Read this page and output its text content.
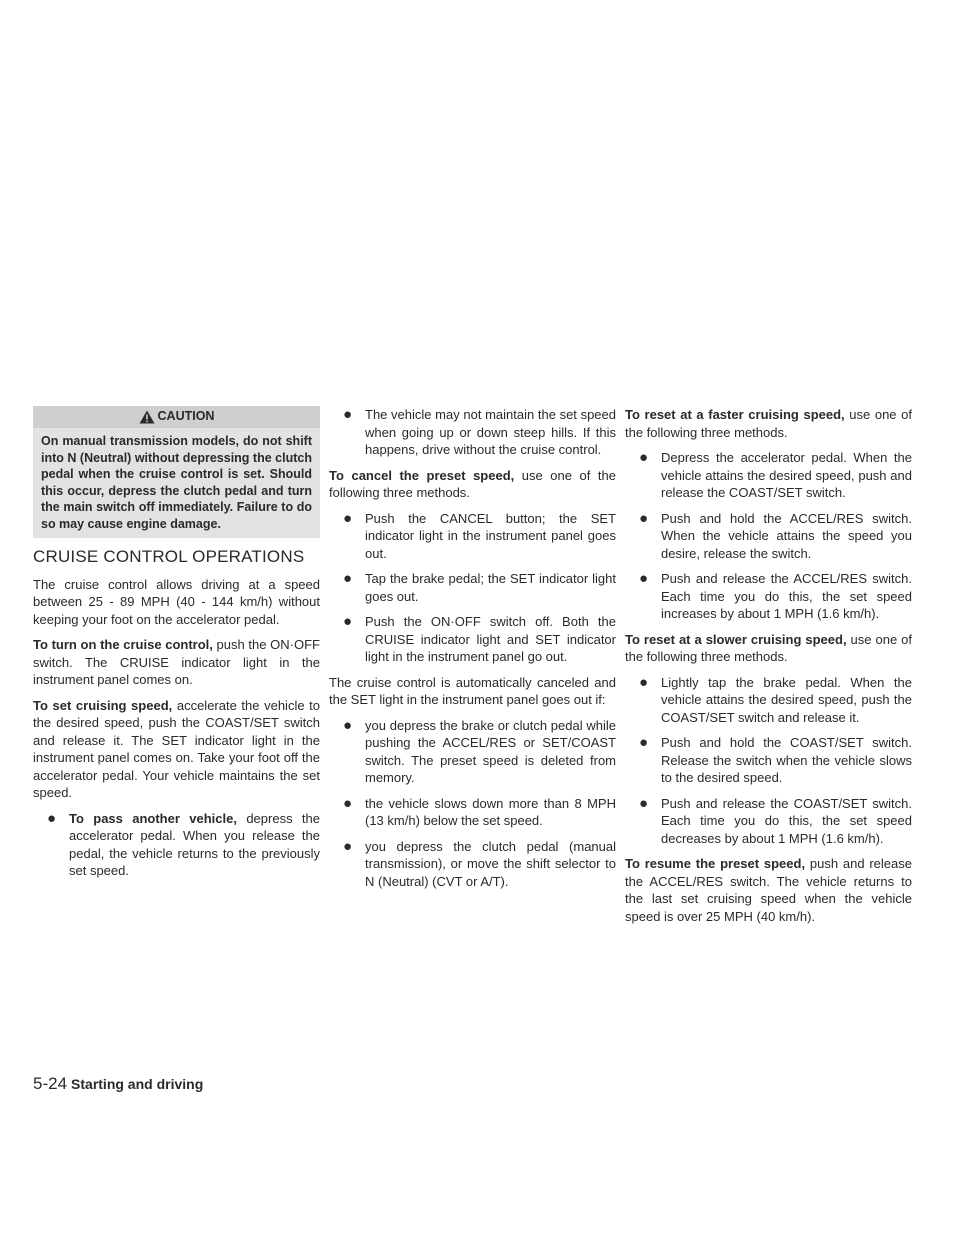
CAUTION
On manual transmission models, do not shift into N (Neutral) without depressing the clutch pedal when the cruise control is set. Should this occur, depress the clutch pedal and turn the main switch off immediately. Failure to do so may cause engine damage.
CRUISE CONTROL OPERATIONS

The cruise control allows driving at a speed between 25 - 89 MPH (40 - 144 km/h) without keeping your foot on the accelerator pedal.

To turn on the cruise control, push the ON·OFF switch. The CRUISE indicator light in the instrument panel comes on.

To set cruising speed, accelerate the vehicle to the desired speed, push the COAST/SET switch and release it. The SET indicator light in the instrument panel comes on. Take your foot off the accelerator pedal. Your vehicle maintains the set speed.

● To pass another vehicle, depress the accelerator pedal. When you release the pedal, the vehicle returns to the previously set speed.
● The vehicle may not maintain the set speed when going up or down steep hills. If this happens, drive without the cruise control.

To cancel the preset speed, use one of the following three methods.

● Push the CANCEL button; the SET indicator light in the instrument panel goes out.
● Tap the brake pedal; the SET indicator light goes out.
● Push the ON·OFF switch off. Both the CRUISE indicator light and SET indicator light in the instrument panel go out.

The cruise control is automatically canceled and the SET light in the instrument panel goes out if:

● you depress the brake or clutch pedal while pushing the ACCEL/RES or SET/COAST switch. The preset speed is deleted from memory.
● the vehicle slows down more than 8 MPH (13 km/h) below the set speed.
● you depress the clutch pedal (manual transmission), or move the shift selector to N (Neutral) (CVT or A/T).

To reset at a faster cruising speed, use one of the following three methods.

● Depress the accelerator pedal. When the vehicle attains the desired speed, push and release the COAST/SET switch.
● Push and hold the ACCEL/RES switch. When the vehicle attains the speed you desire, release the switch.
● Push and release the ACCEL/RES switch. Each time you do this, the set speed increases by about 1 MPH (1.6 km/h).

To reset at a slower cruising speed, use one of the following three methods.

● Lightly tap the brake pedal. When the vehicle attains the desired speed, push the COAST/SET switch and release it.
● Push and hold the COAST/SET switch. Release the switch when the vehicle slows to the desired speed.
● Push and release the COAST/SET switch. Each time you do this, the set speed decreases by about 1 MPH (1.6 km/h).

To resume the preset speed, push and release the ACCEL/RES switch. The vehicle returns to the last set cruising speed when the vehicle speed is over 25 MPH (40 km/h).

5-24 Starting and driving
